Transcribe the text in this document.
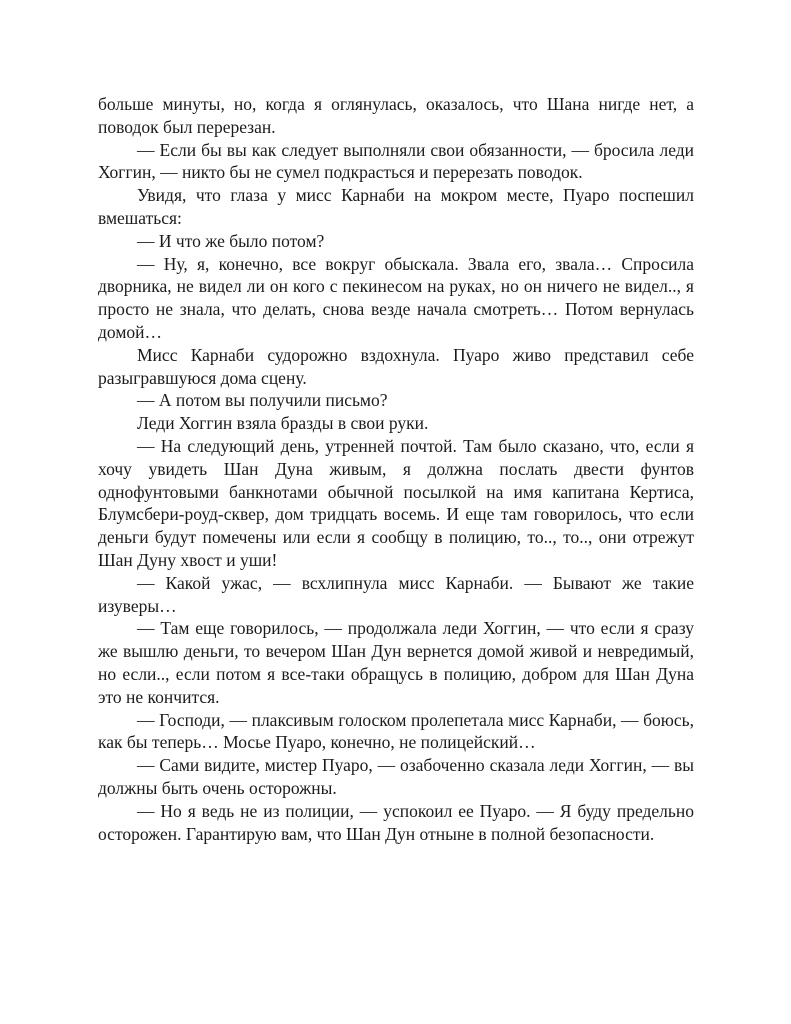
больше минуты, но, когда я оглянулась, оказалось, что Шана нигде нет, а поводок был перерезан.

— Если бы вы как следует выполняли свои обязанности, — бросила леди Хоггин, — никто бы не сумел подкрасться и перерезать поводок.

Увидя, что глаза у мисс Карнаби на мокром месте, Пуаро поспешил вмешаться:

— И что же было потом?

— Ну, я, конечно, все вокруг обыскала. Звала его, звала… Спросила дворника, не видел ли он кого с пекинесом на руках, но он ничего не видел.., я просто не знала, что делать, снова везде начала смотреть… Потом вернулась домой…

Мисс Карнаби судорожно вздохнула. Пуаро живо представил себе разыгравшуюся дома сцену.

— А потом вы получили письмо?

Леди Хоггин взяла бразды в свои руки.

— На следующий день, утренней почтой. Там было сказано, что, если я хочу увидеть Шан Дуна живым, я должна послать двести фунтов однофунтовыми банкнотами обычной посылкой на имя капитана Кертиса, Блумсбери-роуд-сквер, дом тридцать восемь. И еще там говорилось, что если деньги будут помечены или если я сообщу в полицию, то.., то.., они отрежут Шан Дуну хвост и уши!

— Какой ужас, — всхлипнула мисс Карнаби. — Бывают же такие изуверы…

— Там еще говорилось, — продолжала леди Хоггин, — что если я сразу же вышлю деньги, то вечером Шан Дун вернется домой живой и невредимый, но если.., если потом я все-таки обращусь в полицию, добром для Шан Дуна это не кончится.

— Господи, — плаксивым голоском пролепетала мисс Карнаби, — боюсь, как бы теперь… Мосье Пуаро, конечно, не полицейский…

— Сами видите, мистер Пуаро, — озабоченно сказала леди Хоггин, — вы должны быть очень осторожны.

— Но я ведь не из полиции, — успокоил ее Пуаро. — Я буду предельно осторожен. Гарантирую вам, что Шан Дун отныне в полной безопасности.
